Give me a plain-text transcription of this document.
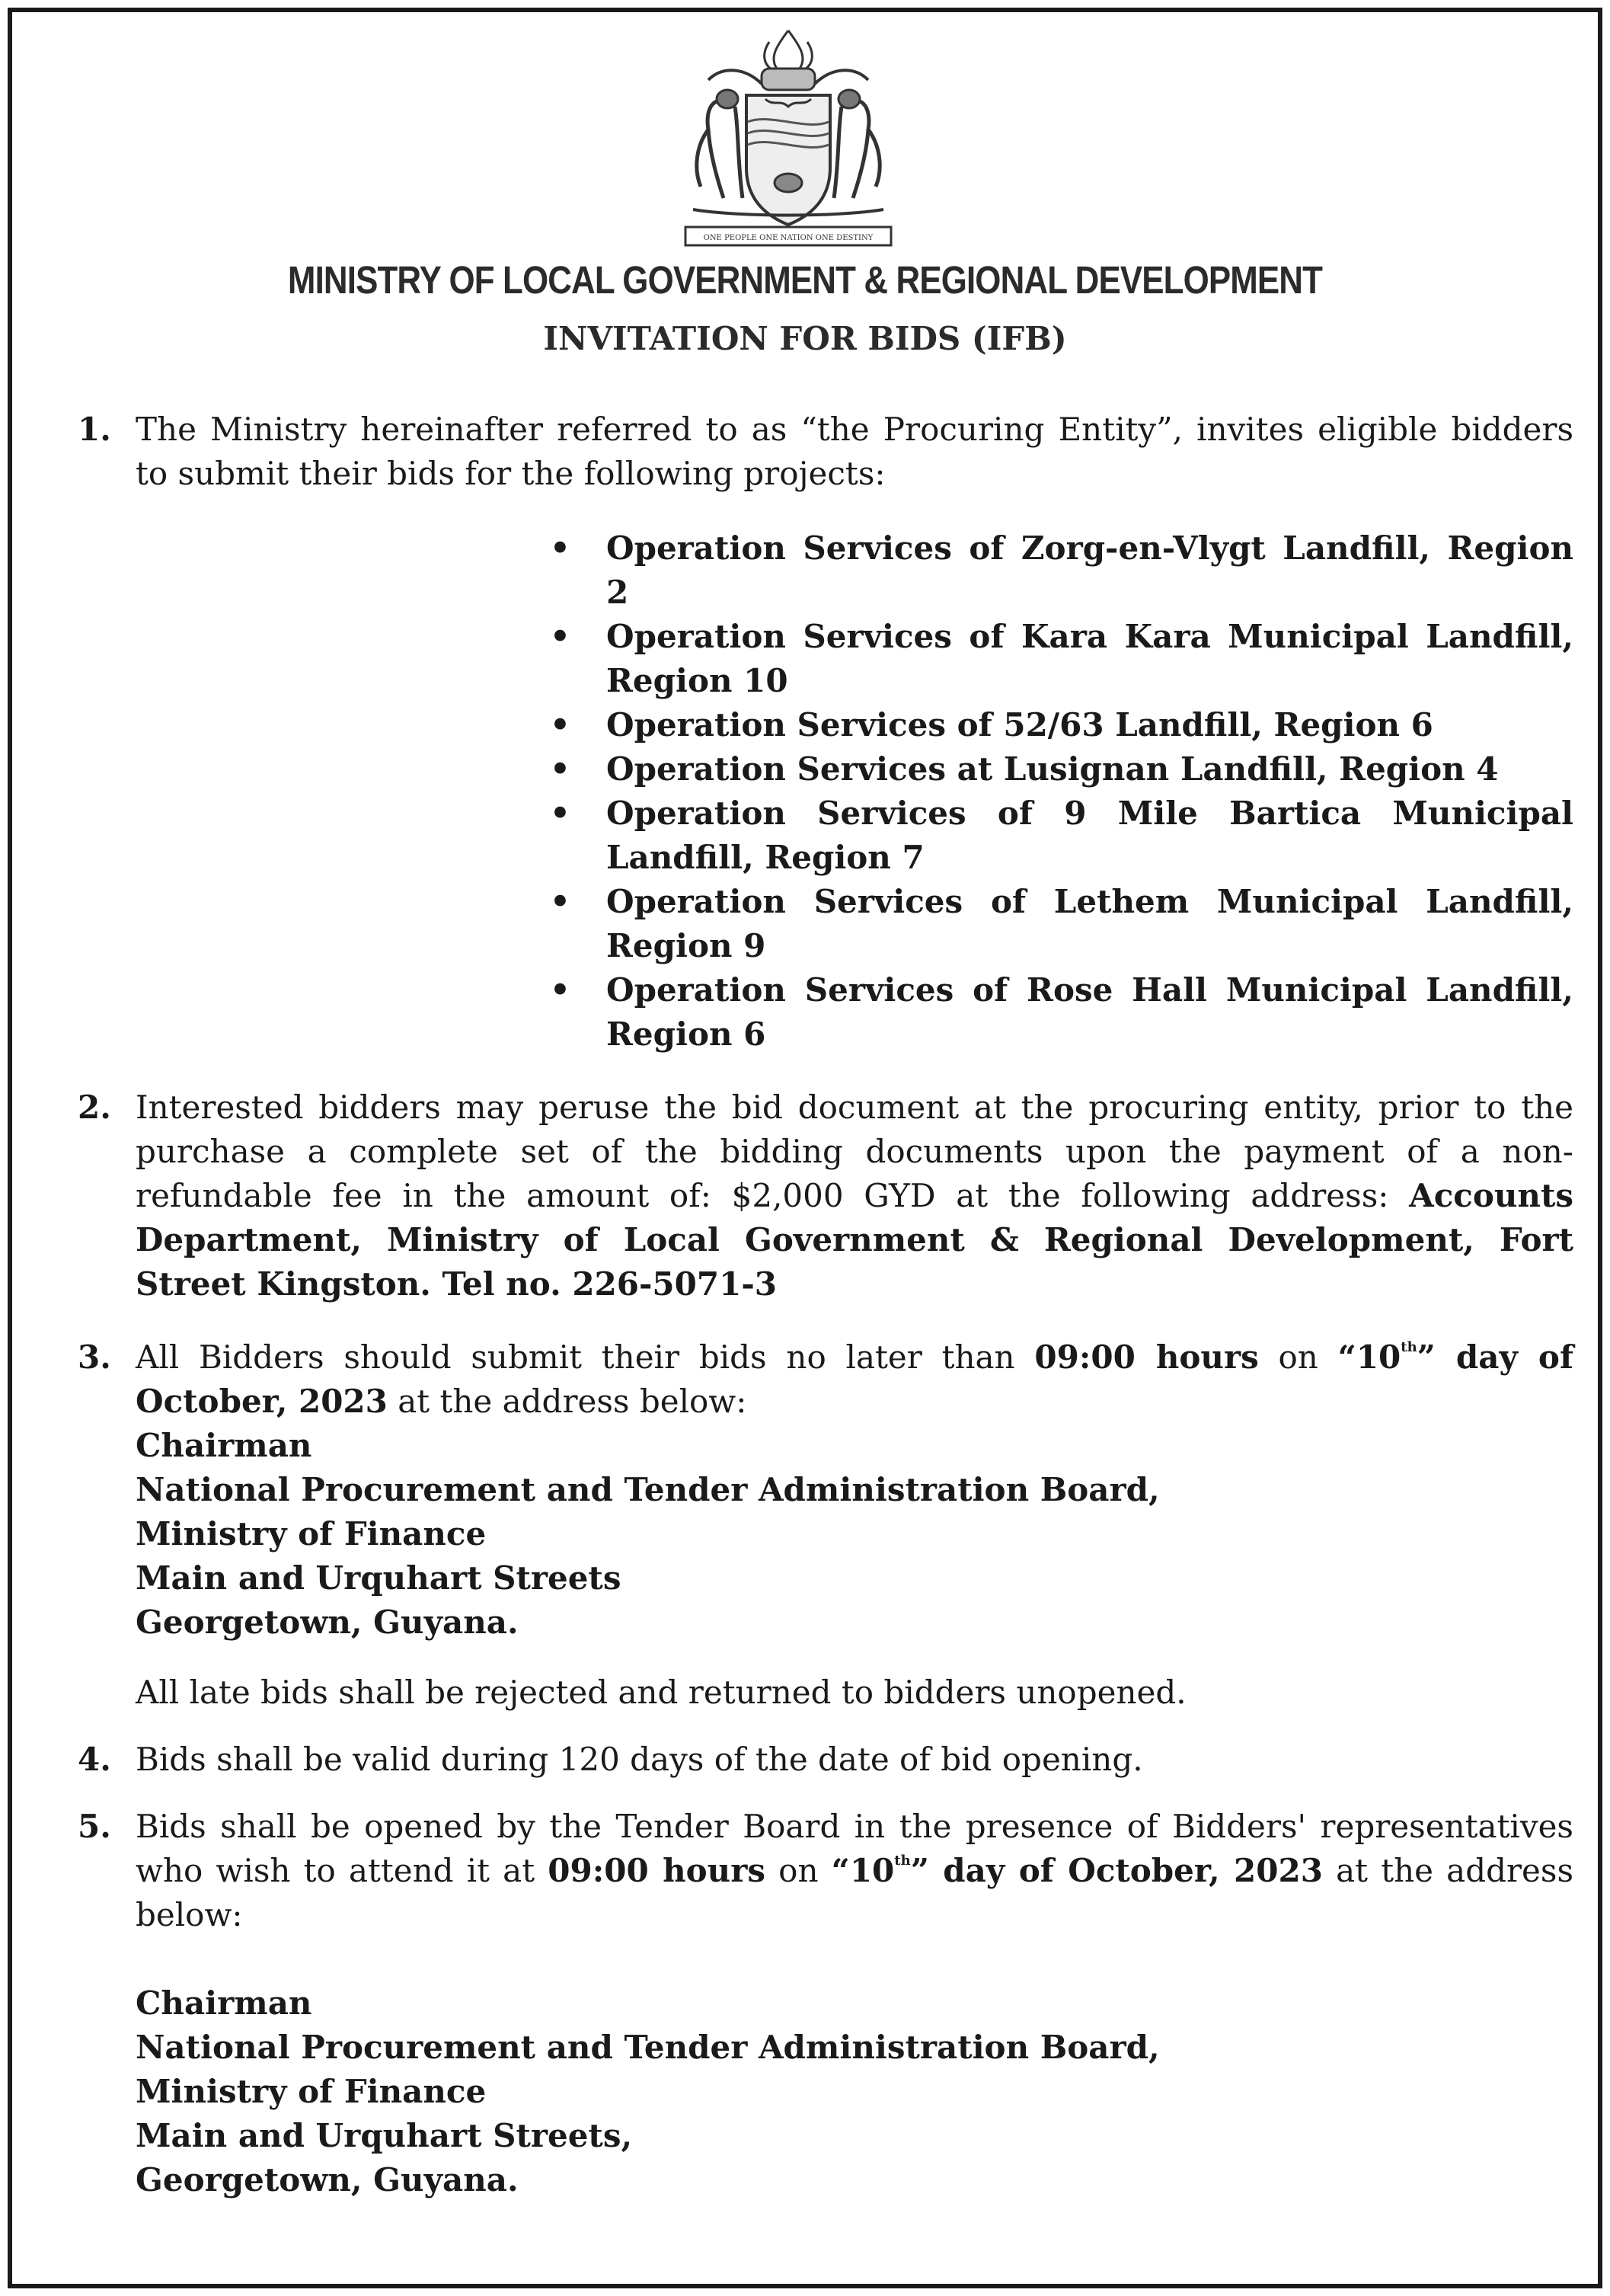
ONE PEOPLE ONE NATION ONE DESTINY
MINISTRY OF LOCAL GOVERNMENT & REGIONAL DEVELOPMENT
INVITATION FOR BIDS (IFB)
1. The Ministry hereinafter referred to as “the Procuring Entity”, invites eligible bidders to submit their bids for the following projects:
• Operation Services of Zorg-en-Vlygt Landfill, Region 2
• Operation Services of Kara Kara Municipal Landfill, Region 10
• Operation Services of 52/63 Landfill, Region 6
• Operation Services at Lusignan Landfill, Region 4
• Operation Services of 9 Mile Bartica Municipal Landfill, Region 7
• Operation Services of Lethem Municipal Landfill, Region 9
• Operation Services of Rose Hall Municipal Landfill, Region 6
2. Interested bidders may peruse the bid document at the procuring entity, prior to the purchase a complete set of the bidding documents upon the payment of a non-refundable fee in the amount of: $2,000 GYD at the following address: Accounts Department, Ministry of Local Government & Regional Development, Fort Street Kingston. Tel no. 226-5071-3
3. All Bidders should submit their bids no later than 09:00 hours on “10th” day of October, 2023 at the address below:
Chairman
National Procurement and Tender Administration Board,
Ministry of Finance
Main and Urquhart Streets
Georgetown, Guyana.
All late bids shall be rejected and returned to bidders unopened.
4. Bids shall be valid during 120 days of the date of bid opening.
5. Bids shall be opened by the Tender Board in the presence of Bidders' representatives who wish to attend it at 09:00 hours on “10th” day of October, 2023 at the address below:
Chairman
National Procurement and Tender Administration Board,
Ministry of Finance
Main and Urquhart Streets,
Georgetown, Guyana.
